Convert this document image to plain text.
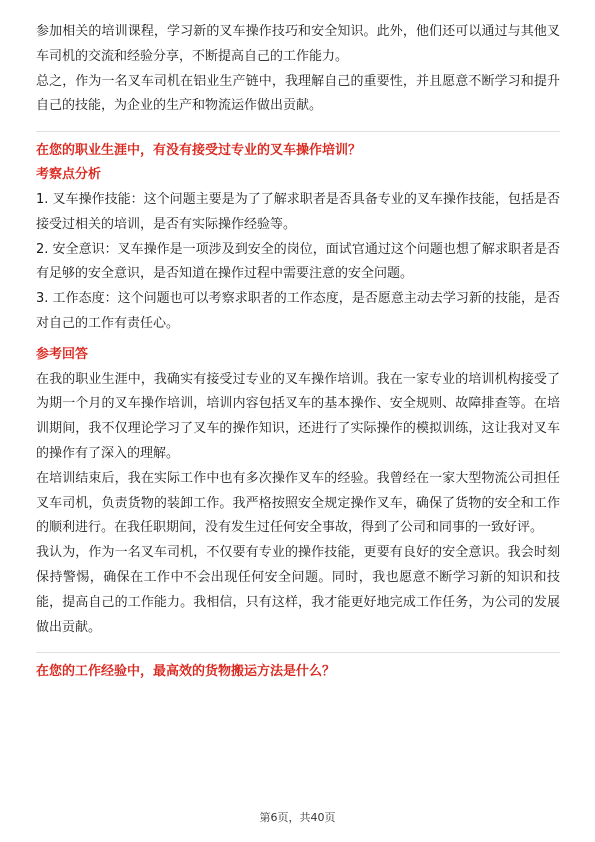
参加相关的培训课程，学习新的叉车操作技巧和安全知识。此外，他们还可以通过与其他叉车司机的交流和经验分享，不断提高自己的工作能力。

总之，作为一名叉车司机在铝业生产链中，我理解自己的重要性，并且愿意不断学习和提升自己的技能，为企业的生产和物流运作做出贡献。

在您的职业生涯中，有没有接受过专业的叉车操作培训？

考察点分析

1. 叉车操作技能：这个问题主要是为了了解求职者是否具备专业的叉车操作技能，包括是否接受过相关的培训，是否有实际操作经验等。

2. 安全意识：叉车操作是一项涉及到安全的岗位，面试官通过这个问题也想了解求职者是否有足够的安全意识，是否知道在操作过程中需要注意的安全问题。

3. 工作态度：这个问题也可以考察求职者的工作态度，是否愿意主动去学习新的技能，是否对自己的工作有责任心。

参考回答

在我的职业生涯中，我确实有接受过专业的叉车操作培训。我在一家专业的培训机构接受了为期一个月的叉车操作培训，培训内容包括叉车的基本操作、安全规则、故障排查等。在培训期间，我不仅理论学习了叉车的操作知识，还进行了实际操作的模拟训练，这让我对叉车的操作有了深入的理解。

在培训结束后，我在实际工作中也有多次操作叉车的经验。我曾经在一家大型物流公司担任叉车司机，负责货物的装卸工作。我严格按照安全规定操作叉车，确保了货物的安全和工作的顺利进行。在我任职期间，没有发生过任何安全事故，得到了公司和同事的一致好评。

我认为，作为一名叉车司机，不仅要有专业的操作技能，更要有良好的安全意识。我会时刻保持警惕，确保在工作中不会出现任何安全问题。同时，我也愿意不断学习新的知识和技能，提高自己的工作能力。我相信，只有这样，我才能更好地完成工作任务，为公司的发展做出贡献。

在您的工作经验中，最高效的货物搬运方法是什么？

第6页，共40页
